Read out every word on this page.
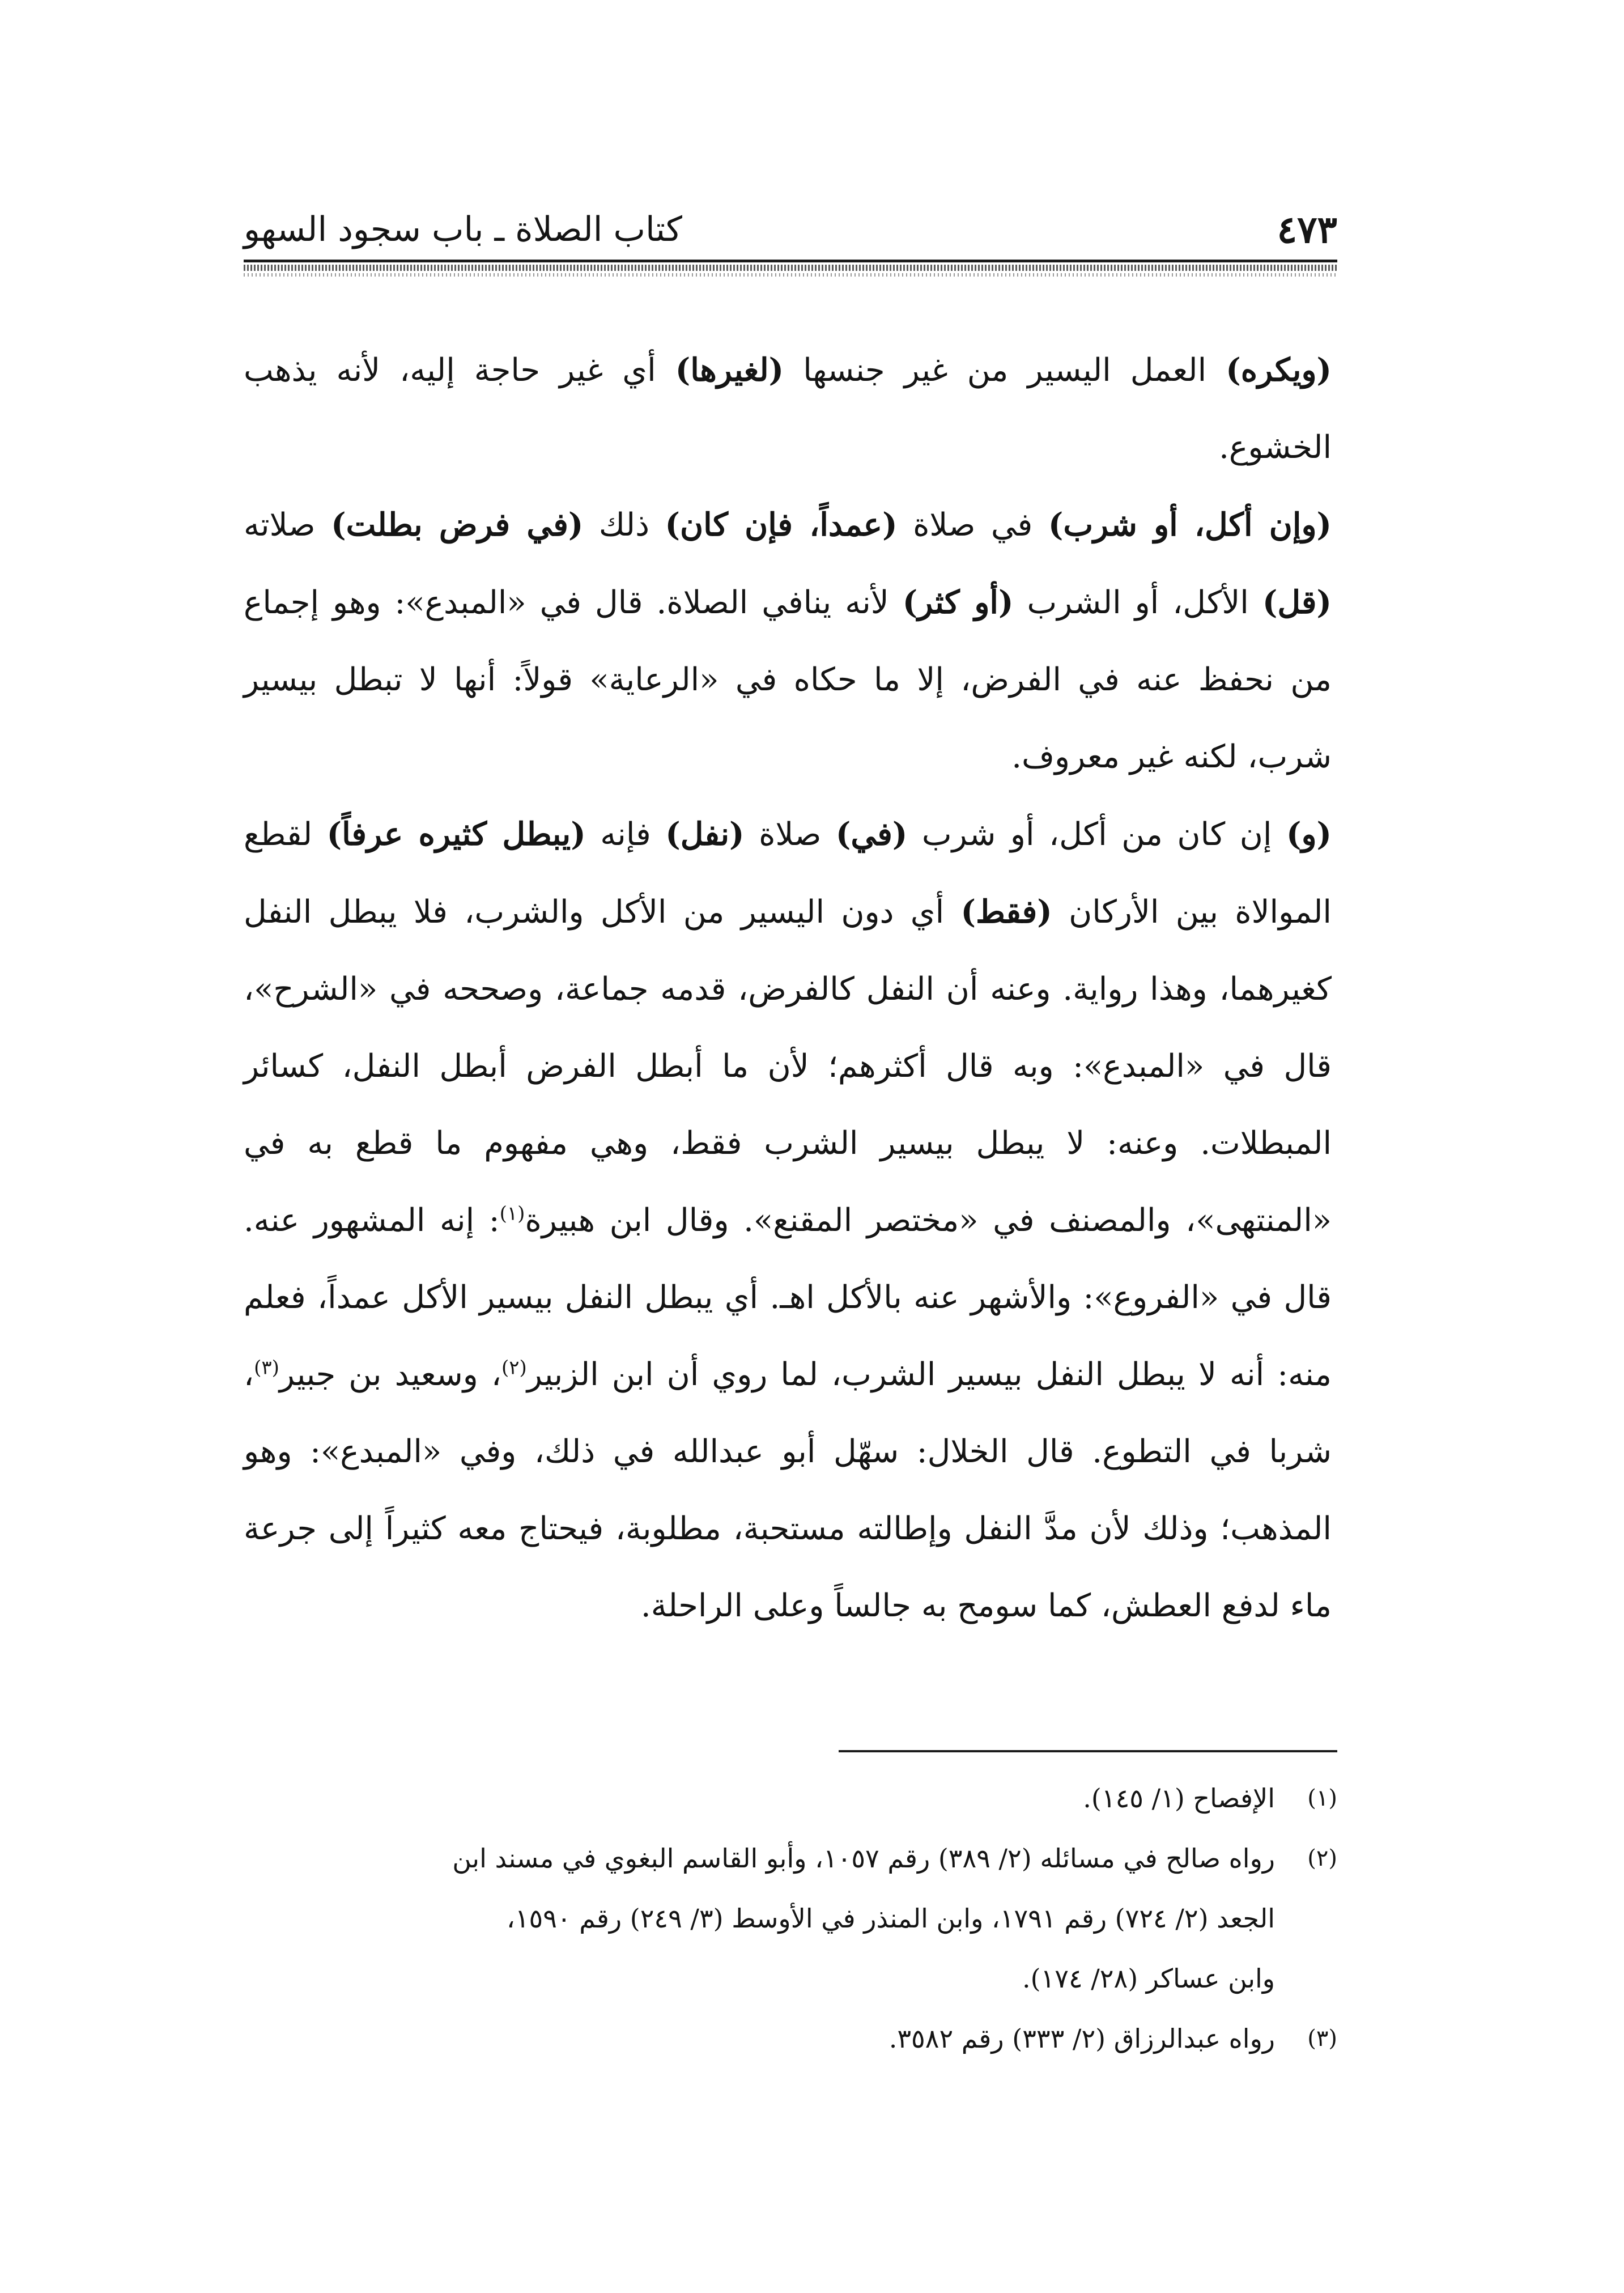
٤٧٣
كتاب الصلاة ـ باب سجود السهو

(ويكره) العمل اليسير من غير جنسها (لغيرها) أي غير حاجة إليه، لأنه يذهب الخشوع.

(وإن أكل، أو شرب) في صلاة (عمداً، فإن كان) ذلك (في فرض بطلت) صلاته (قل) الأكل، أو الشرب (أو كثر) لأنه ينافي الصلاة. قال في «المبدع»: وهو إجماع من نحفظ عنه في الفرض، إلا ما حكاه في «الرعاية» قولاً: أنها لا تبطل بيسير شرب، لكنه غير معروف.

(و) إن كان من أكل، أو شرب (في) صلاة (نفل) فإنه (يبطل كثيره عرفاً) لقطع الموالاة بين الأركان (فقط) أي دون اليسير من الأكل والشرب، فلا يبطل النفل كغيرهما، وهذا رواية. وعنه أن النفل كالفرض، قدمه جماعة، وصححه في «الشرح»، قال في «المبدع»: وبه قال أكثرهم؛ لأن ما أبطل الفرض أبطل النفل، كسائر المبطلات. وعنه: لا يبطل بيسير الشرب فقط، وهي مفهوم ما قطع به في «المنتهى»، والمصنف في «مختصر المقنع». وقال ابن هبيرة$^{(١)}$: إنه المشهور عنه. قال في «الفروع»: والأشهر عنه بالأكل اهـ. أي يبطل النفل بيسير الأكل عمداً، فعلم منه: أنه لا يبطل النفل بيسير الشرب، لما روي أن ابن الزبير$^{(٢)}$، وسعيد بن جبير$^{(٣)}$، شربا في التطوع. قال الخلال: سهّل أبو عبدالله في ذلك، وفي «المبدع»: وهو المذهب؛ وذلك لأن مدَّ النفل وإطالته مستحبة، مطلوبة، فيحتاج معه كثيراً إلى جرعة ماء لدفع العطش، كما سومح به جالساً وعلى الراحلة.

(١)
الإفصاح (١/ ١٤٥).
(٢)
رواه صالح في مسائله (٢/ ٣٨٩) رقم ١٠٥٧، وأبو القاسم البغوي في مسند ابن
الجعد (٢/ ٧٢٤) رقم ١٧٩١، وابن المنذر في الأوسط (٣/ ٢٤٩) رقم ١٥٩٠،
وابن عساكر (٢٨/ ١٧٤).
(٣)
رواه عبدالرزاق (٢/ ٣٣٣) رقم ٣٥٨٢.
